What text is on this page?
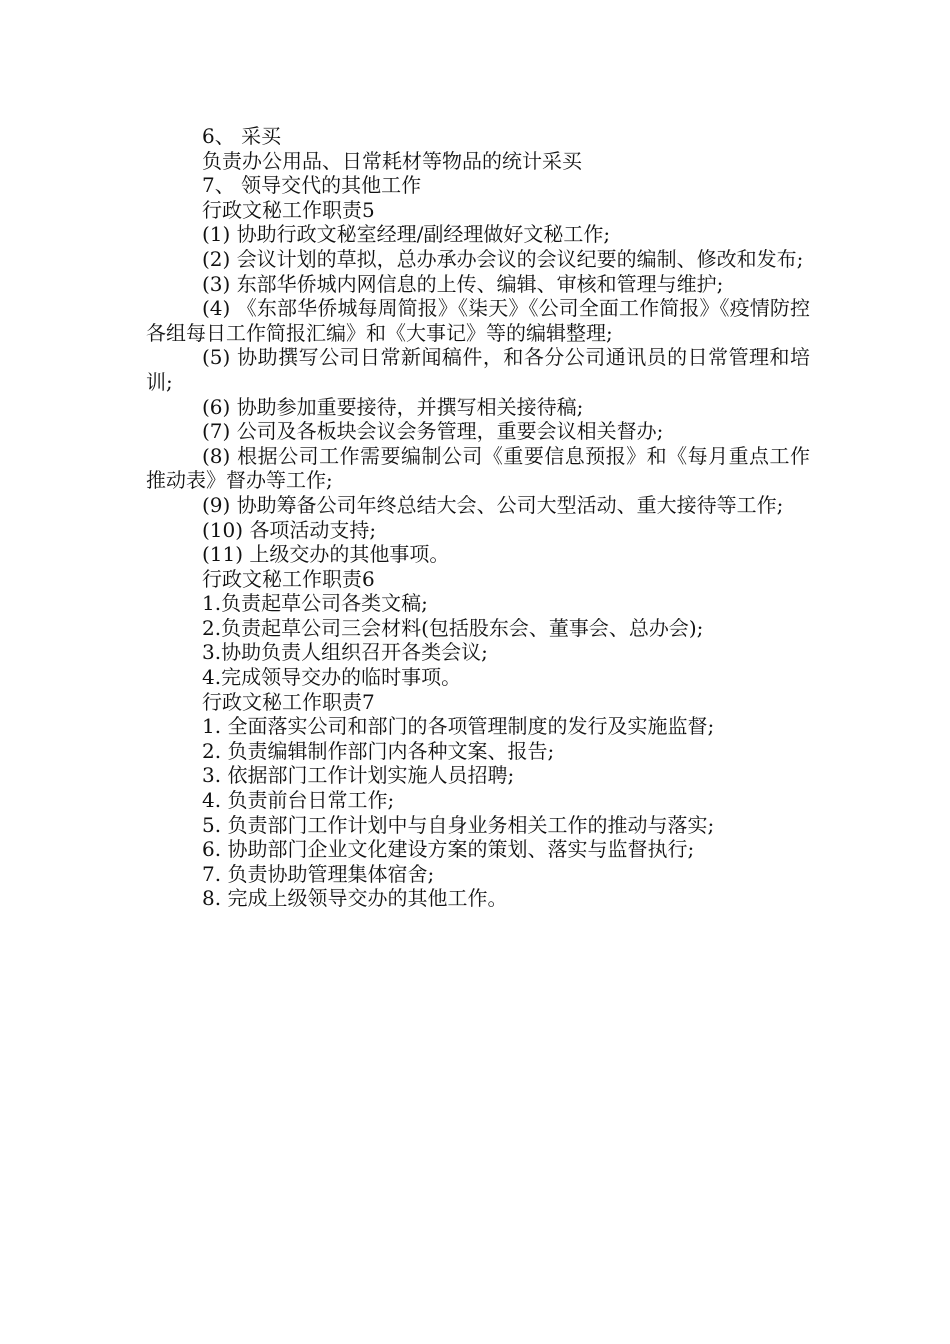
6、 采买

负责办公用品、日常耗材等物品的统计采买

7、 领导交代的其他工作

行政文秘工作职责5

(1) 协助行政文秘室经理/副经理做好文秘工作;

(2) 会议计划的草拟，总办承办会议的会议纪要的编制、修改和发布;

(3) 东部华侨城内网信息的上传、编辑、审核和管理与维护;

(4) 《东部华侨城每周简报》《柒天》《公司全面工作简报》《疫情防控各组每日工作简报汇编》和《大事记》等的编辑整理;

(5) 协助撰写公司日常新闻稿件，和各分公司通讯员的日常管理和培训;

(6) 协助参加重要接待，并撰写相关接待稿;

(7) 公司及各板块会议会务管理，重要会议相关督办;

(8) 根据公司工作需要编制公司《重要信息预报》和《每月重点工作推动表》督办等工作;

(9) 协助筹备公司年终总结大会、公司大型活动、重大接待等工作;

(10) 各项活动支持;

(11) 上级交办的其他事项。

行政文秘工作职责6

1.负责起草公司各类文稿;

2.负责起草公司三会材料(包括股东会、董事会、总办会);

3.协助负责人组织召开各类会议;

4.完成领导交办的临时事项。

行政文秘工作职责7

1. 全面落实公司和部门的各项管理制度的发行及实施监督;

2. 负责编辑制作部门内各种文案、报告;

3. 依据部门工作计划实施人员招聘;

4. 负责前台日常工作;

5. 负责部门工作计划中与自身业务相关工作的推动与落实;

6. 协助部门企业文化建设方案的策划、落实与监督执行;

7. 负责协助管理集体宿舍;

8. 完成上级领导交办的其他工作。
